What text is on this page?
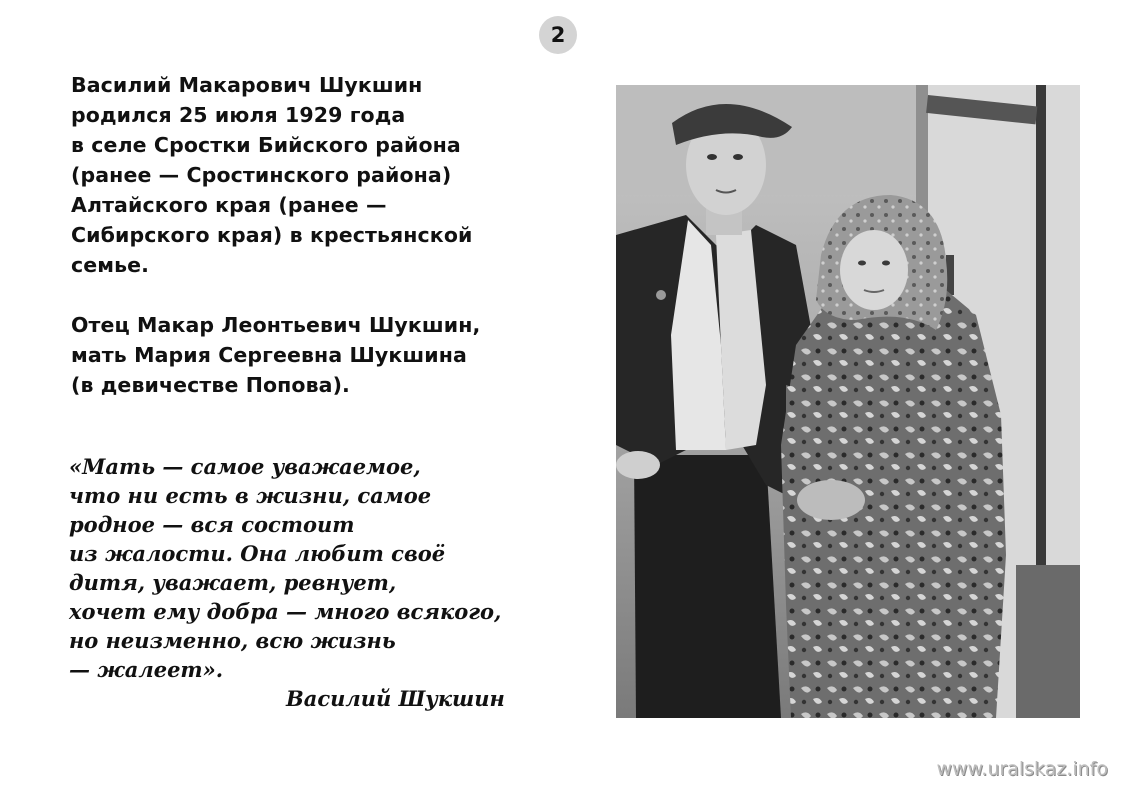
2
Василий Макарович Шукшин
родился 25 июля 1929 года
в селе Сростки Бийского района
(ранее — Сростинского района)
Алтайского края (ранее —
Сибирского края) в крестьянской
семье.
Отец Макар Леонтьевич Шукшин,
мать Мария Сергеевна Шукшина
(в девичестве Попова).
«Мать — самое уважаемое,
что ни есть в жизни, самое
родное — вся состоит
из жалости. Она любит своё
дитя, уважает, ревнует,
хочет ему добра — много всякого,
но неизменно, всю жизнь
— жалеет».
Василий Шукшин
www.uralskaz.info
